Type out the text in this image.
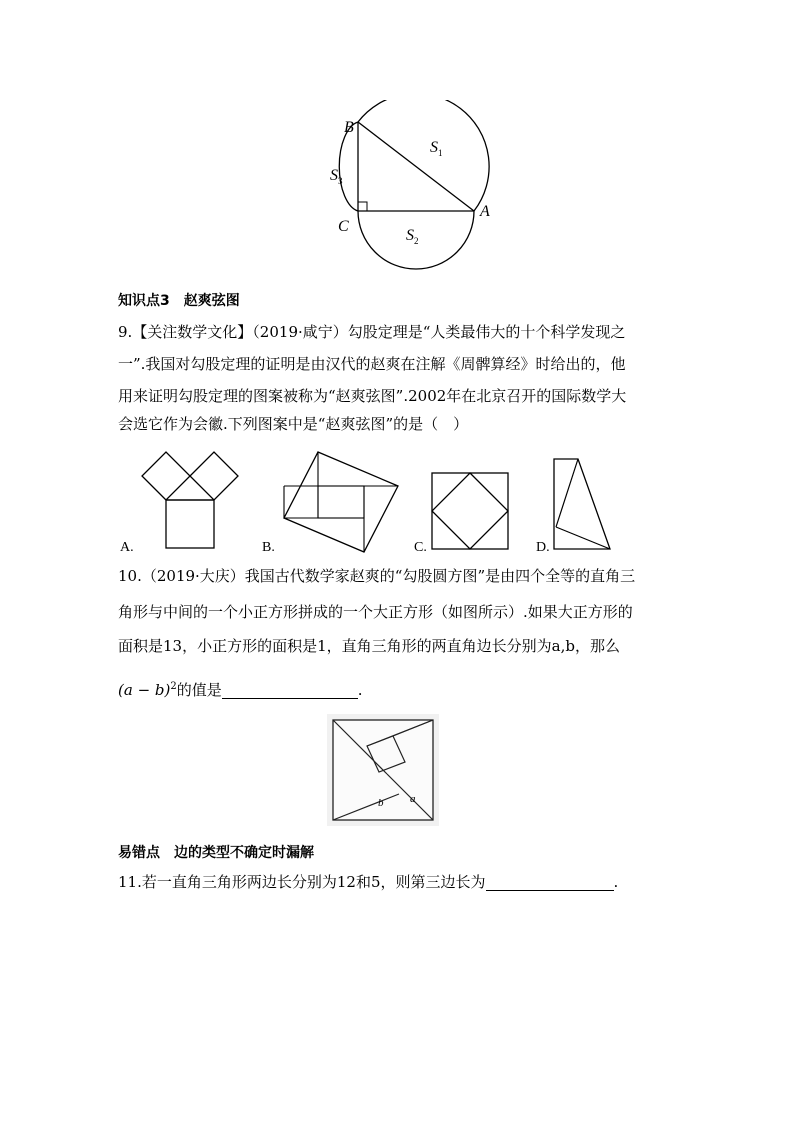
B
C
A
$S_1$
$S_3$
$S_2$
知识点3　赵爽弦图
9.【关注数学文化】（2019·咸宁）勾股定理是“人类最伟大的十个科学发现之
一”.我国对勾股定理的证明是由汉代的赵爽在注解《周髀算经》时给出的，他
用来证明勾股定理的图案被称为“赵爽弦图”.2002年在北京召开的国际数学大
会选它作为会徽.下列图案中是“赵爽弦图”的是（　）
A.	B.	C.	D.
10.（2019·大庆）我国古代数学家赵爽的“勾股圆方图”是由四个全等的直角三
角形与中间的一个小正方形拼成的一个大正方形（如图所示）.如果大正方形的
面积是13，小正方形的面积是1，直角三角形的两直角边长分别为a,b，那么
$(a - b)^2$的值是	.
a
b
易错点　边的类型不确定时漏解
11.若一直角三角形两边长分别为12和5，则第三边长为	.
